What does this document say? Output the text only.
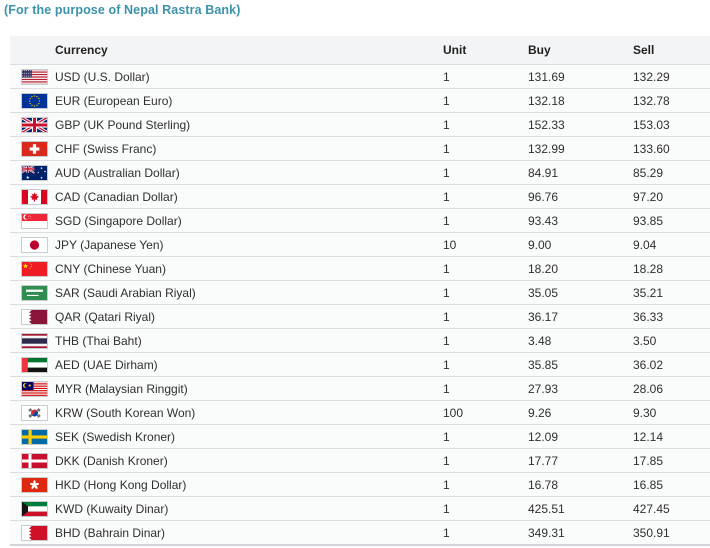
(For the purpose of Nepal Rastra Bank)
Currency	Unit	Buy	Sell

USD (U.S. Dollar)	1	131.69	132.29

EUR (European Euro)	1	132.18	132.78

GBP (UK Pound Sterling)	1	152.33	153.03

CHF (Swiss Franc)	1	132.99	133.60

AUD (Australian Dollar)	1	84.91	85.29

CAD (Canadian Dollar)	1	96.76	97.20

SGD (Singapore Dollar)	1	93.43	93.85

JPY (Japanese Yen)	10	9.00	9.04

CNY (Chinese Yuan)	1	18.20	18.28

SAR (Saudi Arabian Riyal)	1	35.05	35.21

QAR (Qatari Riyal)	1	36.17	36.33

THB (Thai Baht)	1	3.48	3.50

AED (UAE Dirham)	1	35.85	36.02

MYR (Malaysian Ringgit)	1	27.93	28.06

KRW (South Korean Won)	100	9.26	9.30

SEK (Swedish Kroner)	1	12.09	12.14

DKK (Danish Kroner)	1	17.77	17.85

HKD (Hong Kong Dollar)	1	16.78	16.85

KWD (Kuwaity Dinar)	1	425.51	427.45

BHD (Bahrain Dinar)	1	349.31	350.91
